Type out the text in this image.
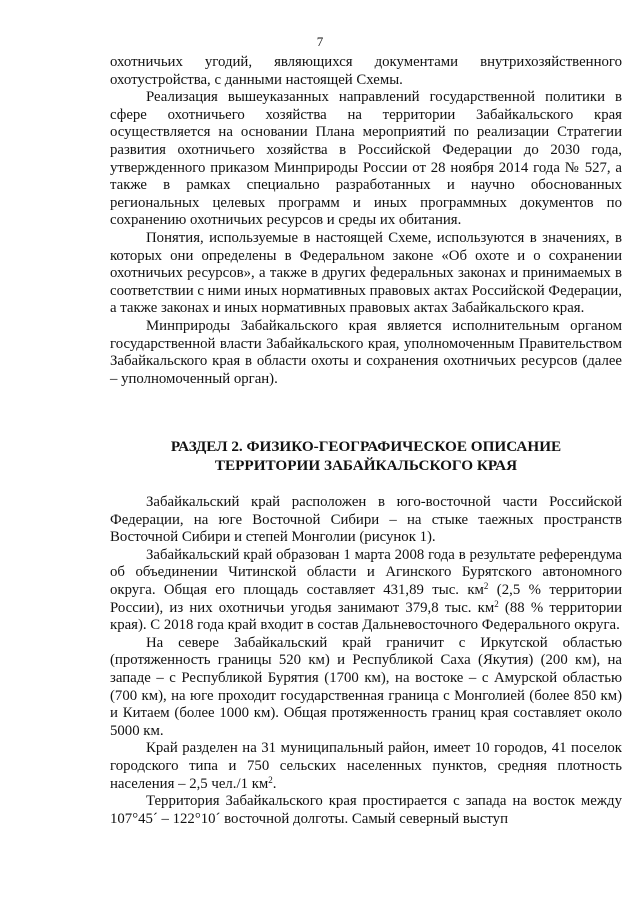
7

охотничьих угодий, являющихся документами внутрихозяйственного охотустройства, с данными настоящей Схемы.

Реализация вышеуказанных направлений государственной политики в сфере охотничьего хозяйства на территории Забайкальского края осуществляется на основании Плана мероприятий по реализации Стратегии развития охотничьего хозяйства в Российской Федерации до 2030 года, утвержденного приказом Минприроды России от 28 ноября 2014 года № 527, а также в рамках специально разработанных и научно обоснованных региональных целевых программ и иных программных документов по сохранению охотничьих ресурсов и среды их обитания.

Понятия, используемые в настоящей Схеме, используются в значениях, в которых они определены в Федеральном законе «Об охоте и о сохранении охотничьих ресурсов», а также в других федеральных законах и принимаемых в соответствии с ними иных нормативных правовых актах Российской Федерации, а также законах и иных нормативных правовых актах Забайкальского края.

Минприроды Забайкальского края является исполнительным органом государственной власти Забайкальского края, уполномоченным Правительством Забайкальского края в области охоты и сохранения охотничьих ресурсов (далее – уполномоченный орган).

РАЗДЕЛ 2. ФИЗИКО-ГЕОГРАФИЧЕСКОЕ ОПИСАНИЕ
ТЕРРИТОРИИ ЗАБАЙКАЛЬСКОГО КРАЯ

Забайкальский край расположен в юго-восточной части Российской Федерации, на юге Восточной Сибири – на стыке таежных пространств Восточной Сибири и степей Монголии (рисунок 1).

Забайкальский край образован 1 марта 2008 года в результате референдума об объединении Читинской области и Агинского Бурятского автономного округа. Общая его площадь составляет 431,89 тыс. $км^2$ (2,5 % территории России), из них охотничьи угодья занимают 379,8 тыс. $км^2$ (88 % территории края). С 2018 года край входит в состав Дальневосточного Федерального округа.

На севере Забайкальский край граничит с Иркутской областью (протяженность границы 520 км) и Республикой Саха (Якутия) (200 км), на западе – с Республикой Бурятия (1700 км), на востоке – с Амурской областью (700 км), на юге проходит государственная граница с Монголией (более 850 км) и Китаем (более 1000 км). Общая протяженность границ края составляет около 5000 км.

Край разделен на 31 муниципальный район, имеет 10 городов, 41 поселок городского типа и 750 сельских населенных пунктов, средняя плотность населения – 2,5 чел./1 $км^2$.

Территория Забайкальского края простирается с запада на восток между 107°45´ – 122°10´ восточной долготы. Самый северный выступ
